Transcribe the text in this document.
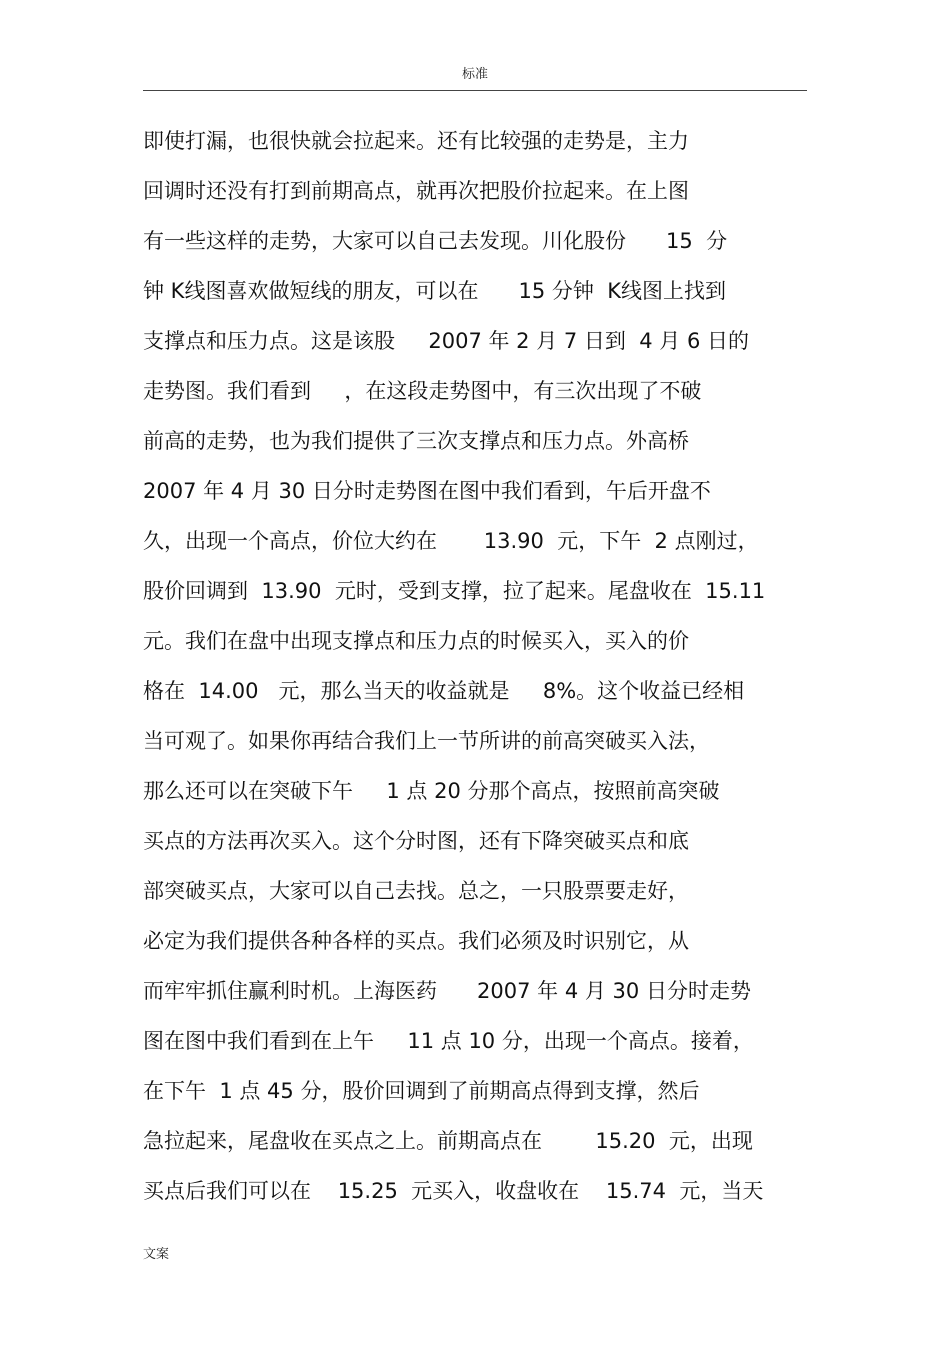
标准
即使打漏，也很快就会拉起来。还有比较强的走势是，主力
回调时还没有打到前期高点，就再次把股价拉起来。在上图
有一些这样的走势，大家可以自己去发现。川化股份      15  分
钟 K线图喜欢做短线的朋友，可以在      15 分钟  K线图上找到
支撑点和压力点。这是该股     2007 年 2 月 7 日到  4 月 6 日的
走势图。我们看到     ，在这段走势图中，有三次出现了不破
前高的走势，也为我们提供了三次支撑点和压力点。外高桥
2007 年 4 月 30 日分时走势图在图中我们看到，午后开盘不
久，出现一个高点，价位大约在       13.90  元，下午  2 点刚过，
股价回调到  13.90  元时，受到支撑，拉了起来。尾盘收在  15.11
元。我们在盘中出现支撑点和压力点的时候买入，买入的价
格在  14.00   元，那么当天的收益就是     8%。这个收益已经相
当可观了。如果你再结合我们上一节所讲的前高突破买入法，
那么还可以在突破下午     1 点 20 分那个高点，按照前高突破
买点的方法再次买入。这个分时图，还有下降突破买点和底
部突破买点，大家可以自己去找。总之，一只股票要走好，
必定为我们提供各种各样的买点。我们必须及时识别它，从
而牢牢抓住赢利时机。上海医药      2007 年 4 月 30 日分时走势
图在图中我们看到在上午     11 点 10 分，出现一个高点。接着，
在下午  1 点 45 分，股价回调到了前期高点得到支撑，然后
急拉起来，尾盘收在买点之上。前期高点在        15.20  元，出现
买点后我们可以在    15.25  元买入，收盘收在    15.74  元，当天
文案
